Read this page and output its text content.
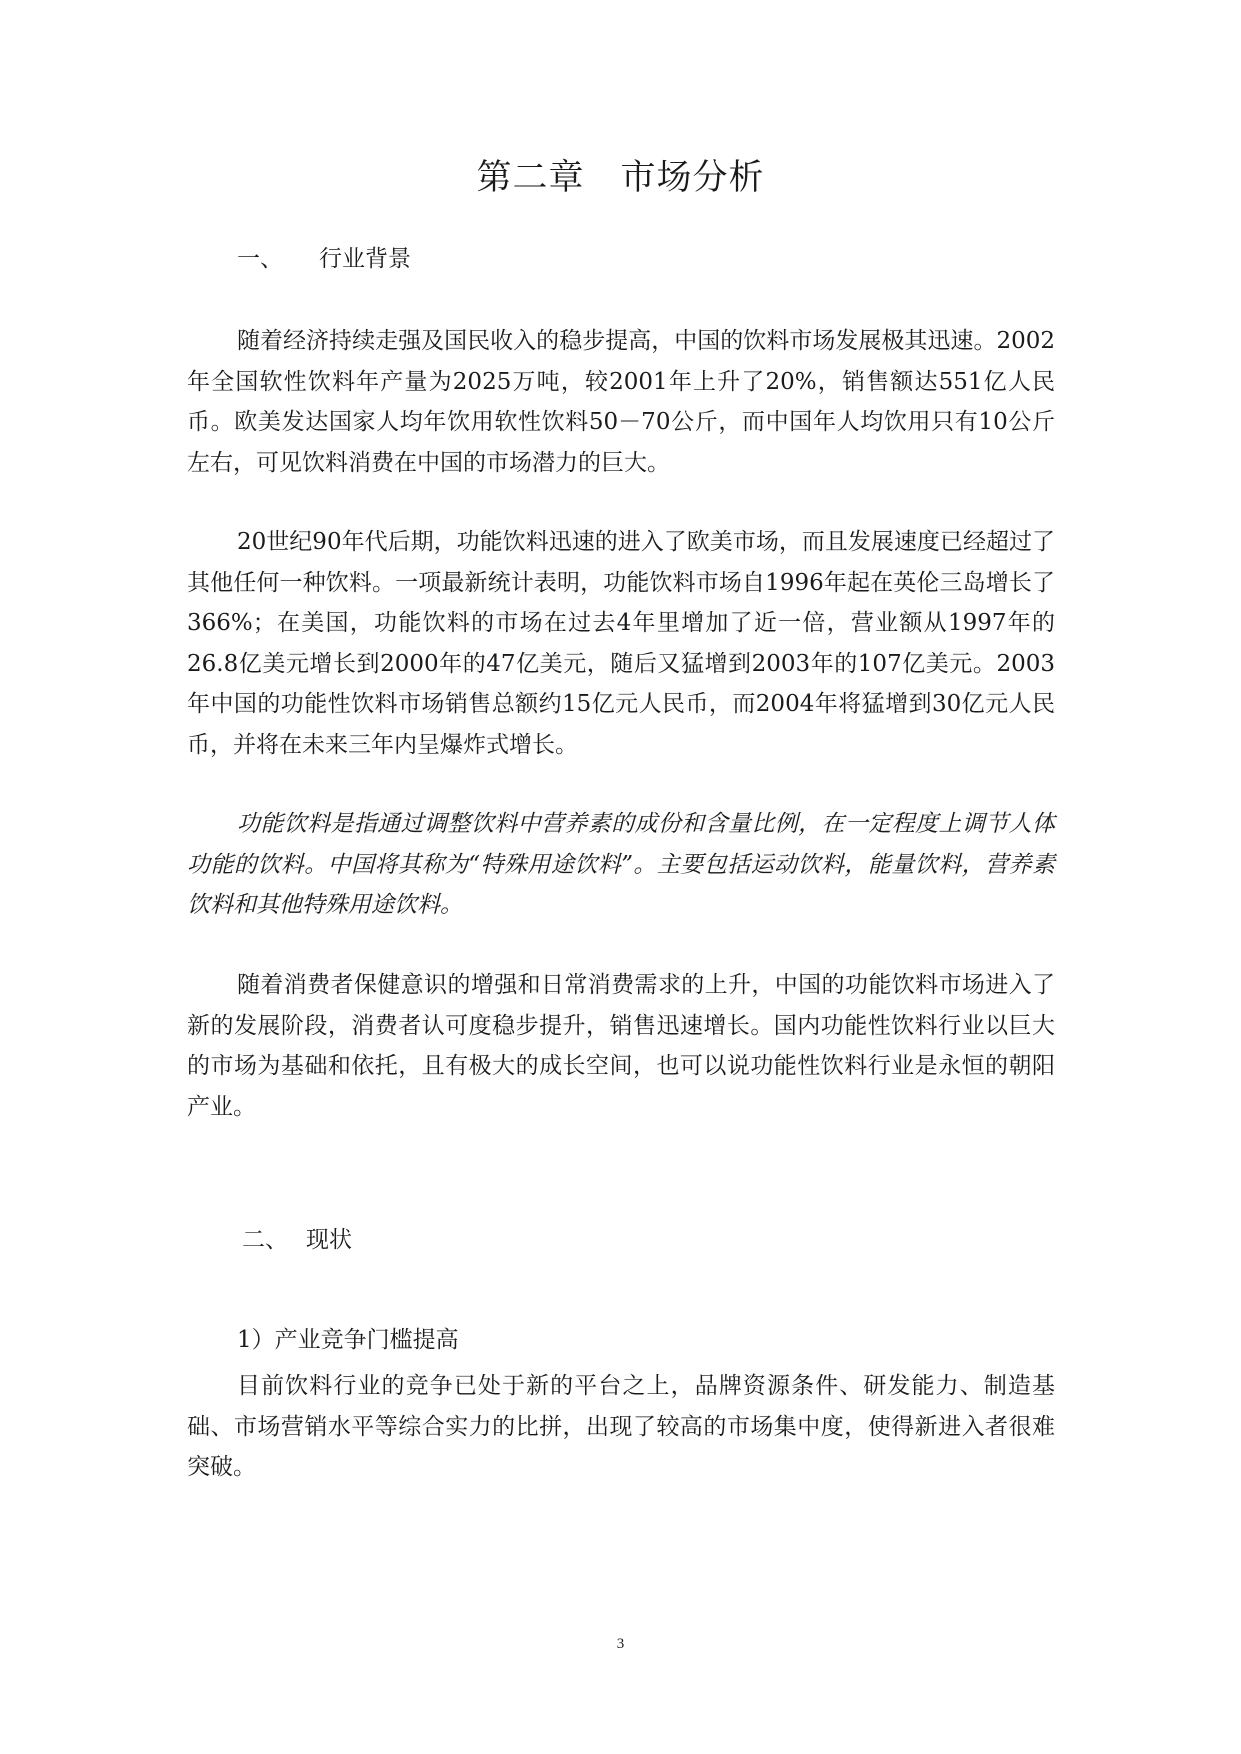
第二章 市场分析
一、 行业背景

随着经济持续走强及国民收入的稳步提高，中国的饮料市场发展极其迅速。2002年全国软性饮料年产量为2025万吨，较2001年上升了20%，销售额达551亿人民币。欧美发达国家人均年饮用软性饮料50－70公斤，而中国年人均饮用只有10公斤左右，可见饮料消费在中国的市场潜力的巨大。

20世纪90年代后期，功能饮料迅速的进入了欧美市场，而且发展速度已经超过了其他任何一种饮料。一项最新统计表明，功能饮料市场自1996年起在英伦三岛增长了366%；在美国，功能饮料的市场在过去4年里增加了近一倍，营业额从1997年的26.8亿美元增长到2000年的47亿美元，随后又猛增到2003年的107亿美元。2003年中国的功能性饮料市场销售总额约15亿元人民币，而2004年将猛增到30亿元人民币，并将在未来三年内呈爆炸式增长。

功能饮料是指通过调整饮料中营养素的成份和含量比例，在一定程度上调节人体功能的饮料。中国将其称为“特殊用途饮料”。主要包括运动饮料，能量饮料，营养素饮料和其他特殊用途饮料。

随着消费者保健意识的增强和日常消费需求的上升，中国的功能饮料市场进入了新的发展阶段，消费者认可度稳步提升，销售迅速增长。国内功能性饮料行业以巨大的市场为基础和依托，且有极大的成长空间，也可以说功能性饮料行业是永恒的朝阳产业。

二、 现状
1）产业竞争门槛提高

目前饮料行业的竞争已处于新的平台之上，品牌资源条件、研发能力、制造基础、市场营销水平等综合实力的比拼，出现了较高的市场集中度，使得新进入者很难突破。

3
